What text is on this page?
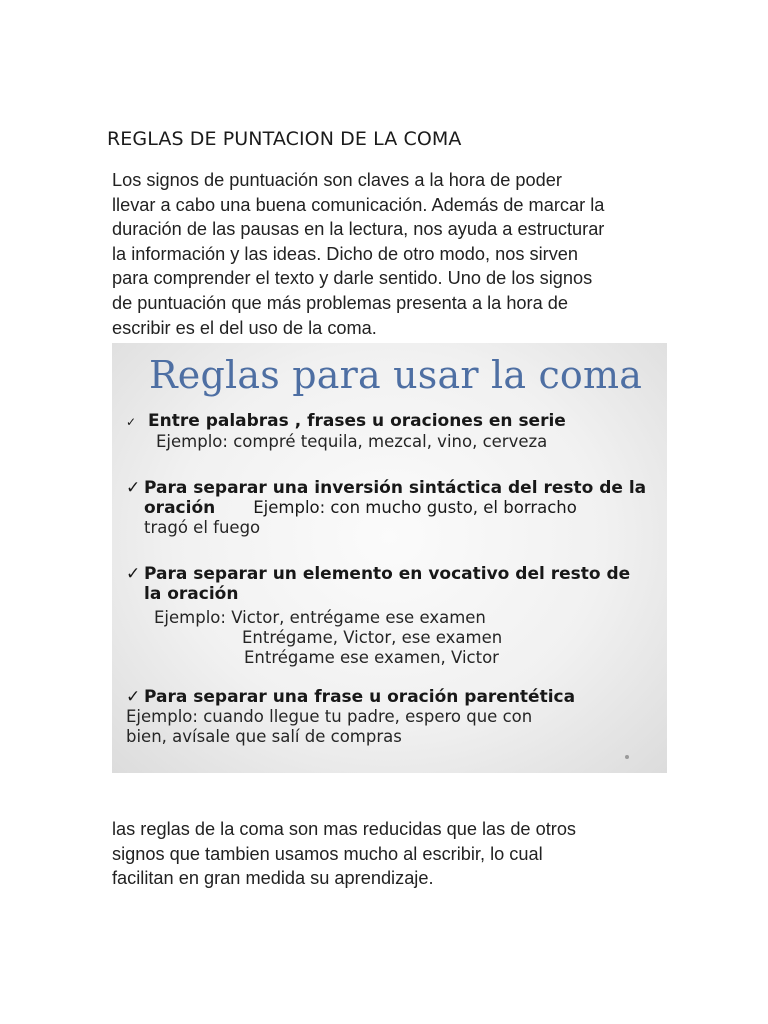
REGLAS DE PUNTACION DE LA COMA
Los signos de puntuación son claves a la hora de poder
llevar a cabo una buena comunicación. Además de marcar la
duración de las pausas en la lectura, nos ayuda a estructurar
la información y las ideas. Dicho de otro modo, nos sirven
para comprender el texto y darle sentido. Uno de los signos
de puntuación que más problemas presenta a la hora de
escribir es el del uso de la coma.
Reglas para usar la coma
✓ Entre palabras , frases u oraciones en serie
Ejemplo: compré tequila, mezcal, vino, cerveza
✓ Para separar una inversión sintáctica del resto de la
oración Ejemplo: con mucho gusto, el borracho
tragó el fuego
✓ Para separar un elemento en vocativo del resto de
la oración
Ejemplo: Victor, entrégame ese examen
Entrégame, Victor, ese examen
Entrégame ese examen, Victor
✓ Para separar una frase u oración parentética
Ejemplo: cuando llegue tu padre, espero que con
bien, avísale que salí de compras
las reglas de la coma son mas reducidas que las de otros
signos que tambien usamos mucho al escribir, lo cual
facilitan en gran medida su aprendizaje.
